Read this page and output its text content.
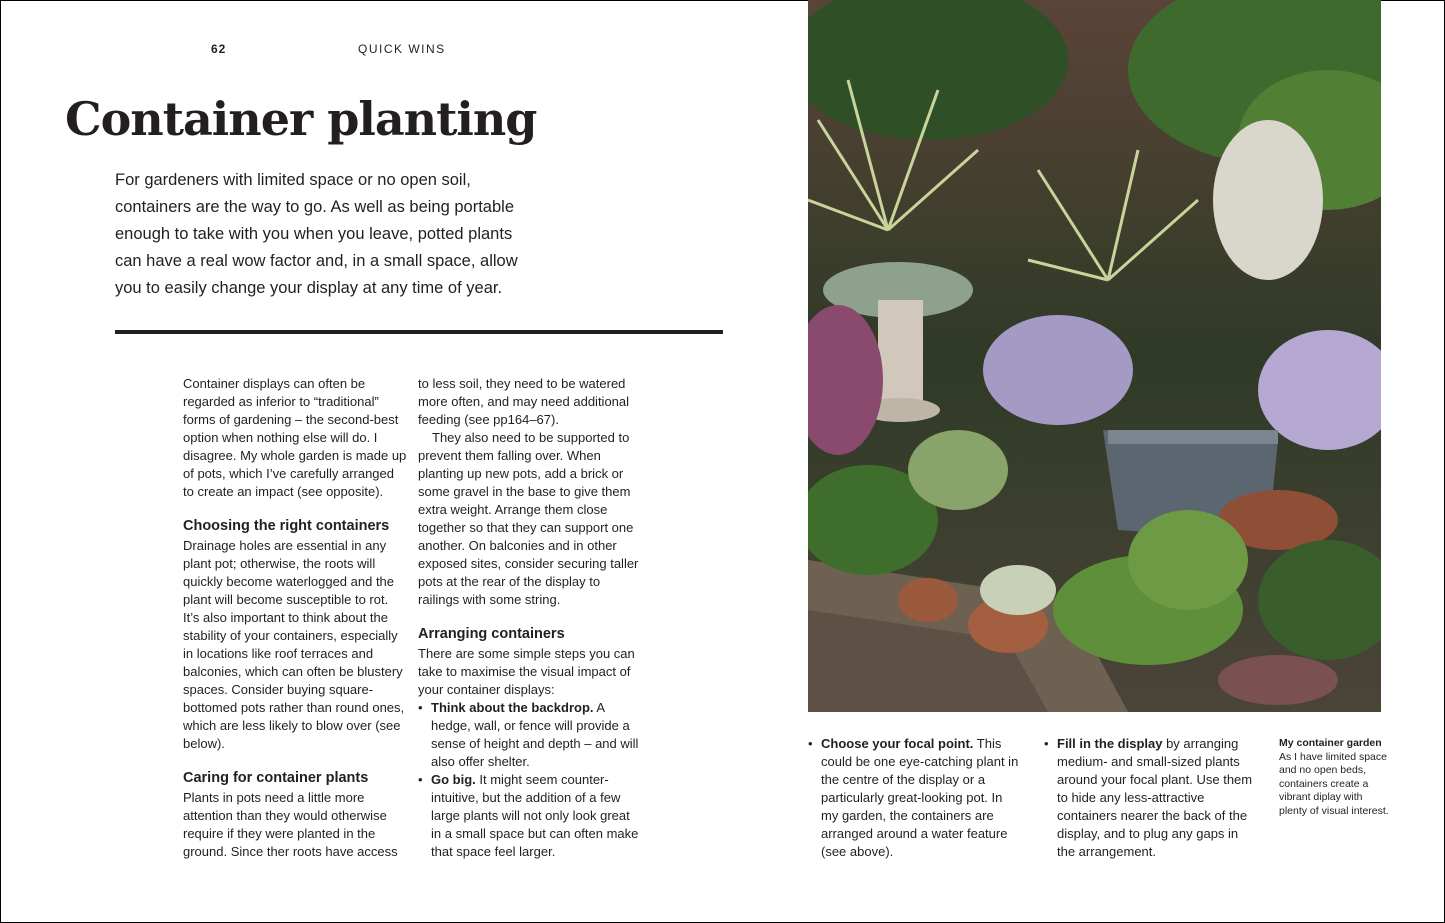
62	QUICK WINS
Container planting

For gardeners with limited space or no open soil, containers are the way to go. As well as being portable enough to take with you when you leave, potted plants can have a real wow factor and, in a small space, allow you to easily change your display at any time of year.

Container displays can often be regarded as inferior to “traditional” forms of gardening – the second-best option when nothing else will do. I disagree. My whole garden is made up of pots, which I’ve carefully arranged to create an impact (see opposite).

Choosing the right containers

Drainage holes are essential in any plant pot; otherwise, the roots will quickly become waterlogged and the plant will become susceptible to rot. It’s also important to think about the stability of your containers, especially in locations like roof terraces and balconies, which can often be blustery spaces. Consider buying square-bottomed pots rather than round ones, which are less likely to blow over (see below).

Caring for container plants

Plants in pots need a little more attention than they would otherwise require if they were planted in the ground. Since ther roots have access

to less soil, they need to be watered more often, and may need additional feeding (see pp164–67).

They also need to be supported to prevent them falling over. When planting up new pots, add a brick or some gravel in the base to give them extra weight. Arrange them close together so that they can support one another. On balconies and in other exposed sites, consider securing taller pots at the rear of the display to railings with some string.

Arranging containers

There are some simple steps you can take to maximise the visual impact of your container displays:

• Think about the backdrop. A hedge, wall, or fence will provide a sense of height and depth – and will also offer shelter.
• Go big. It might seem counter-intuitive, but the addition of a few large plants will not only look great in a small space but can often make that space feel larger.
• Choose your focal point. This could be one eye-catching plant in the centre of the display or a particularly great-looking pot. In my garden, the containers are arranged around a water feature (see above).
• Fill in the display by arranging medium- and small-sized plants around your focal plant. Use them to hide any less-attractive containers nearer the back of the display, and to plug any gaps in the arrangement.
My container garden
As I have limited space and no open beds, containers create a vibrant diplay with plenty of visual interest.
